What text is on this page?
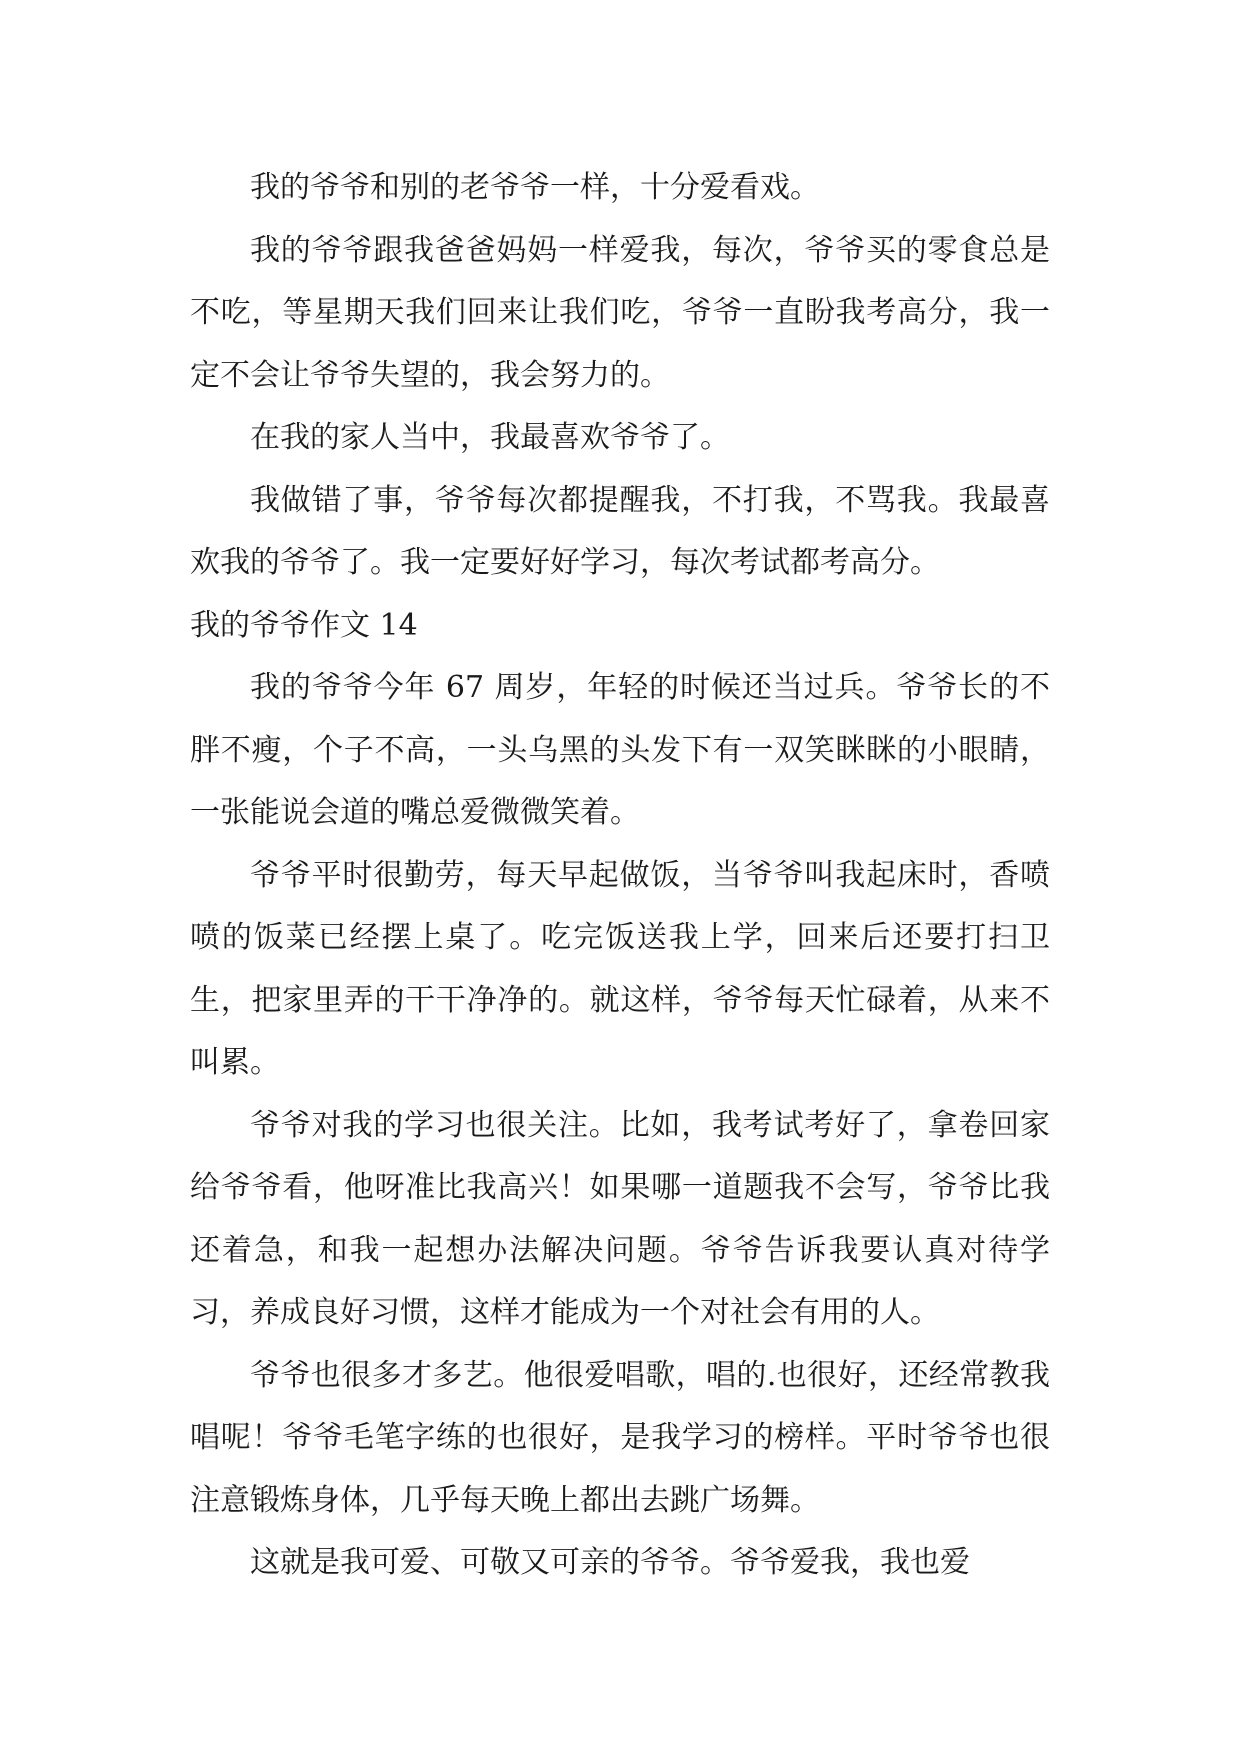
我的爷爷和别的老爷爷一样，十分爱看戏。

我的爷爷跟我爸爸妈妈一样爱我，每次，爷爷买的零食总是不吃，等星期天我们回来让我们吃，爷爷一直盼我考高分，我一定不会让爷爷失望的，我会努力的。

在我的家人当中，我最喜欢爷爷了。

我做错了事，爷爷每次都提醒我，不打我，不骂我。我最喜欢我的爷爷了。我一定要好好学习，每次考试都考高分。

我的爷爷作文 14

我的爷爷今年 67 周岁，年轻的时候还当过兵。爷爷长的不胖不瘦，个子不高，一头乌黑的头发下有一双笑眯眯的小眼睛，一张能说会道的嘴总爱微微笑着。

爷爷平时很勤劳，每天早起做饭，当爷爷叫我起床时，香喷喷的饭菜已经摆上桌了。吃完饭送我上学，回来后还要打扫卫生，把家里弄的干干净净的。就这样，爷爷每天忙碌着，从来不叫累。

爷爷对我的学习也很关注。比如，我考试考好了，拿卷回家给爷爷看，他呀准比我高兴！如果哪一道题我不会写，爷爷比我还着急，和我一起想办法解决问题。爷爷告诉我要认真对待学习，养成良好习惯，这样才能成为一个对社会有用的人。

爷爷也很多才多艺。他很爱唱歌，唱的.也很好，还经常教我唱呢！爷爷毛笔字练的也很好，是我学习的榜样。平时爷爷也很注意锻炼身体，几乎每天晚上都出去跳广场舞。

这就是我可爱、可敬又可亲的爷爷。爷爷爱我，我也爱
